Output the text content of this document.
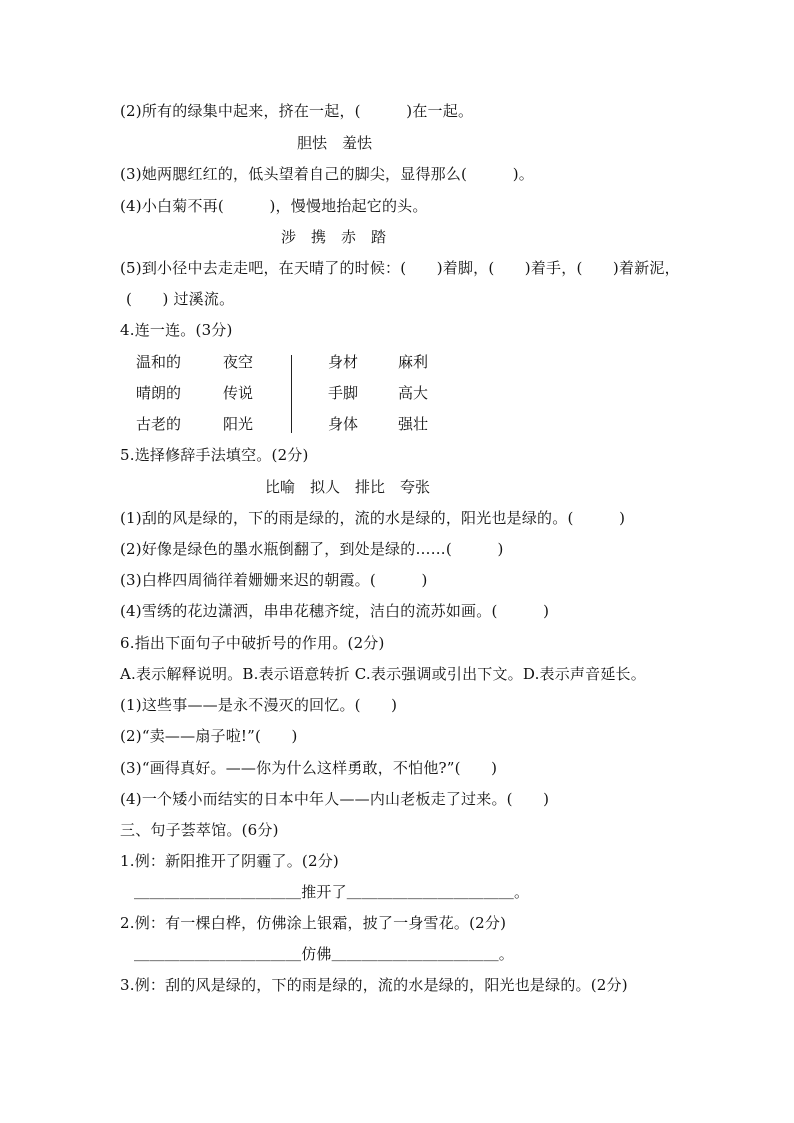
(2)所有的绿集中起来，挤在一起，(　　　)在一起。
胆怯　羞怯
(3)她两腮红红的，低头望着自己的脚尖，显得那么(　　　)。
(4)小白菊不再(　　　)，慢慢地抬起它的头。
涉　携　赤　踏
(5)到小径中去走走吧，在天晴了的时候：(　　)着脚，(　　)着手，(　　)着新泥，
(　　) 过溪流。
4.连一连。(3分)
温和的	夜空	身材	麻利
晴朗的	传说	手脚	高大
古老的	阳光	身体	强壮
5.选择修辞手法填空。(2分)
比喻　拟人　排比　夸张
(1)刮的风是绿的，下的雨是绿的，流的水是绿的，阳光也是绿的。(　　　)
(2)好像是绿色的墨水瓶倒翻了，到处是绿的……(　　　)
(3)白桦四周徜徉着姗姗来迟的朝霞。(　　　)
(4)雪绣的花边潇洒，串串花穗齐绽，洁白的流苏如画。(　　　)
6.指出下面句子中破折号的作用。(2分)
A.表示解释说明。B.表示语意转折 C.表示强调或引出下文。D.表示声音延长。
(1)这些事——是永不漫灭的回忆。(　　)
(2)“卖——扇子啦!”(　　)
(3)“画得真好。——你为什么这样勇敢，不怕他?”(　　)
(4)一个矮小而结实的日本中年人——内山老板走了过来。(　　)
三、句子荟萃馆。(6分)
1.例：新阳推开了阴霾了。(2分)
＿＿＿＿＿＿＿＿＿＿＿推开了＿＿＿＿＿＿＿＿＿＿＿。
2.例：有一棵白桦，仿佛涂上银霜，披了一身雪花。(2分)
＿＿＿＿＿＿＿＿＿＿＿仿佛＿＿＿＿＿＿＿＿＿＿＿。
3.例：刮的风是绿的，下的雨是绿的，流的水是绿的，阳光也是绿的。(2分)
